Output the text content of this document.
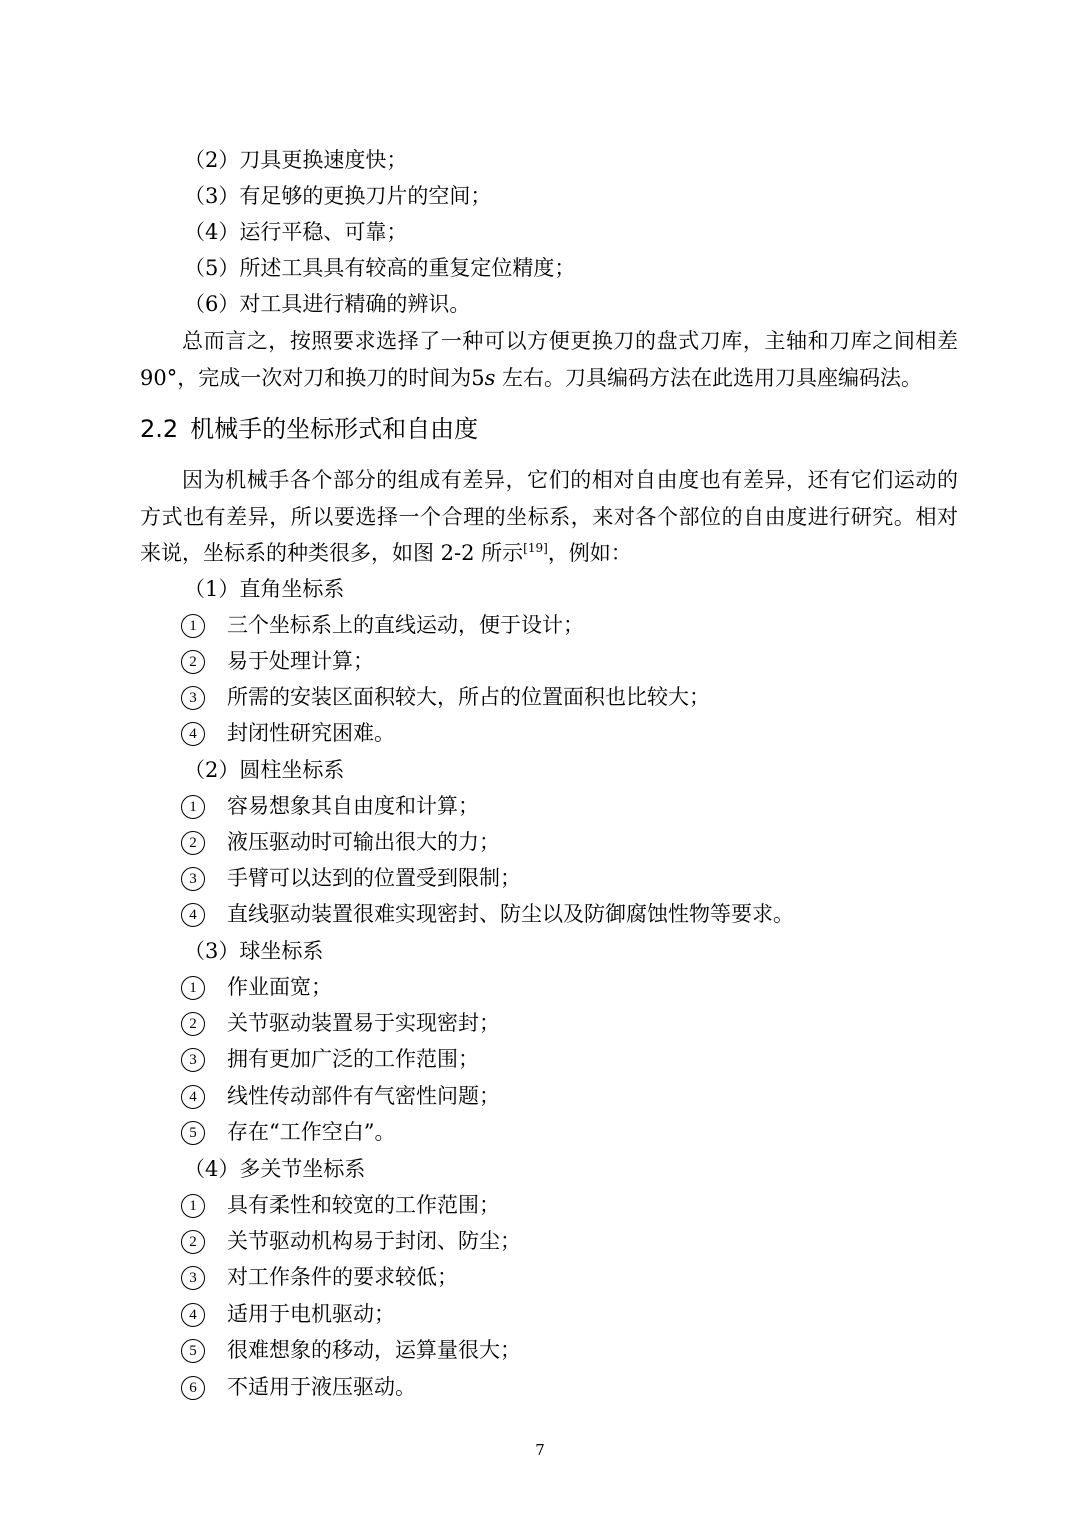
（2）刀具更换速度快；
（3）有足够的更换刀片的空间；
（4）运行平稳、可靠；
（5）所述工具具有较高的重复定位精度；
（6）对工具进行精确的辨识。

总而言之，按照要求选择了一种可以方便更换刀的盘式刀库，主轴和刀库之间相差90°，完成一次对刀和换刀的时间为5s 左右。刀具编码方法在此选用刀具座编码法。

2.2 机械手的坐标形式和自由度

因为机械手各个部分的组成有差异，它们的相对自由度也有差异，还有它们运动的方式也有差异，所以要选择一个合理的坐标系，来对各个部位的自由度进行研究。相对来说，坐标系的种类很多，如图 2-2 所示[19]，例如：

（1）直角坐标系
1 三个坐标系上的直线运动，便于设计；
2 易于处理计算；
3 所需的安装区面积较大，所占的位置面积也比较大；
4 封闭性研究困难。
（2）圆柱坐标系
1 容易想象其自由度和计算；
2 液压驱动时可输出很大的力；
3 手臂可以达到的位置受到限制；
4 直线驱动装置很难实现密封、防尘以及防御腐蚀性物等要求。
（3）球坐标系
1 作业面宽；
2 关节驱动装置易于实现密封；
3 拥有更加广泛的工作范围；
4 线性传动部件有气密性问题；
5 存在“工作空白”。
（4）多关节坐标系
1 具有柔性和较宽的工作范围；
2 关节驱动机构易于封闭、防尘；
3 对工作条件的要求较低；
4 适用于电机驱动；
5 很难想象的移动，运算量很大；
6 不适用于液压驱动。
7
